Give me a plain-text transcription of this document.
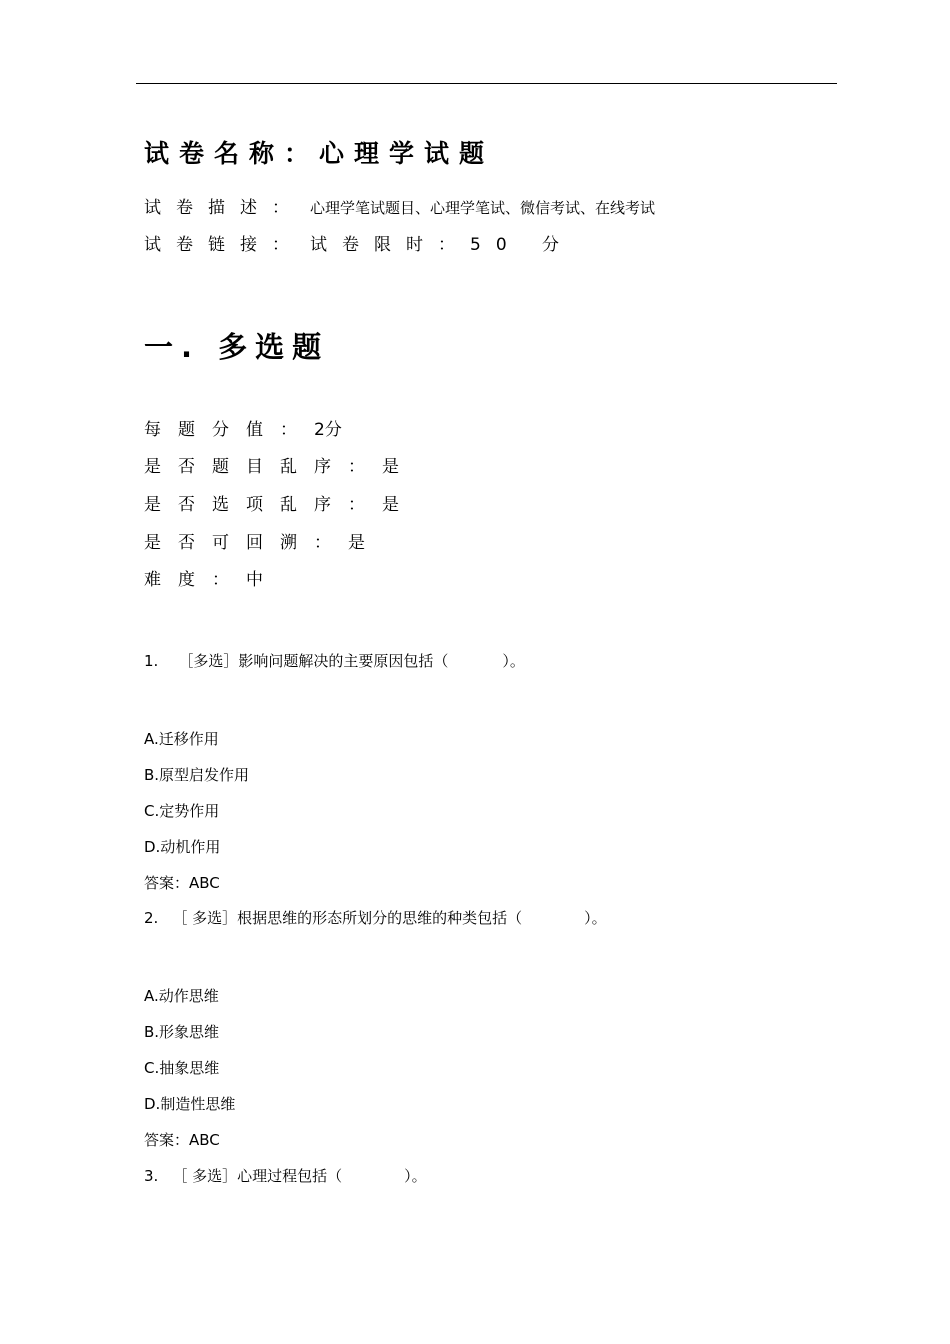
试卷名称：心理学试题
试卷描述： 心理学笔试题目、心理学笔试、微信考试、在线考试
试卷链接： 试卷限时：50 分
一. 多选题
每题分值：2分
是否题目乱序：是
是否选项乱序：是
是否可回溯：是
难度：中
1. ［多选］影响问题解决的主要原因包括（	）。
A.迁移作用
B.原型启发作用
C.定势作用
D.动机作用
答案：ABC
2. ［ 多选］根据思维的形态所划分的思维的种类包括（	）。
A.动作思维
B.形象思维
C.抽象思维
D.制造性思维
答案：ABC
3. ［ 多选］心理过程包括（	）。
